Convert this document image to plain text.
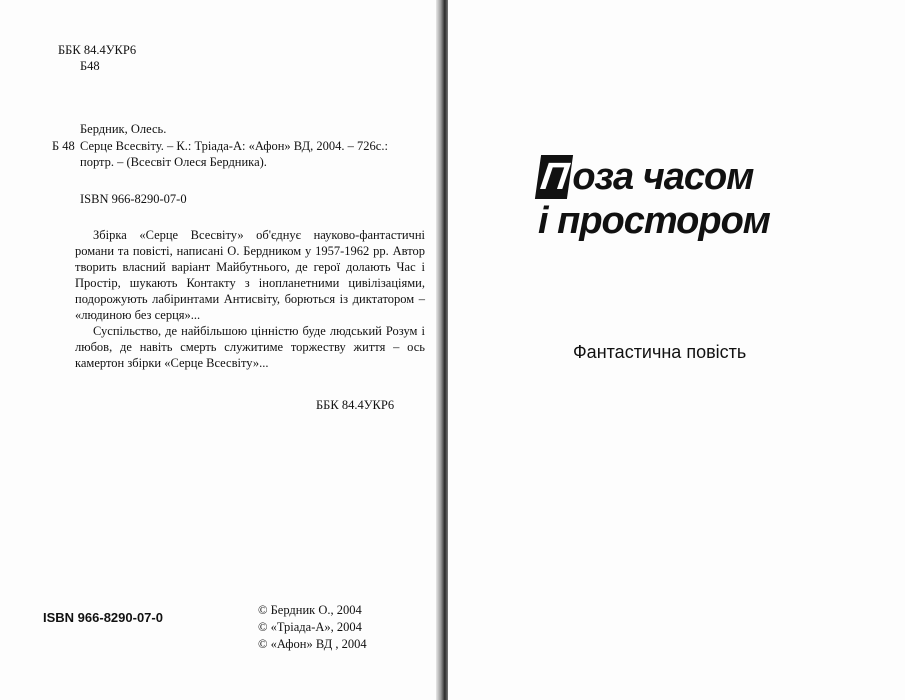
ББК 84.4УКР6
Б48
Бердник, Олесь.
Б 48 Серце Всесвіту. – К.: Тріада-А: «Афон» ВД, 2004. – 726с.:
портр. – (Всесвіт Олеся Бердника).
ISBN 966-8290-07-0

Збірка «Серце Всесвіту» об'єднує науково-фантастичні романи та повісті, написані О. Бердником у 1957-1962 рр. Автор творить власний варіант Майбутнього, де герої долають Час і Простір, шукають Контакту з інопланетними цивілізаціями, подорожують лабіринтами Антисвіту, борються із диктатором – «людиною без серця»...

Суспільство, де найбільшою цінністю буде людський Розум і любов, де навіть смерть служитиме торжеству життя – ось камертон збірки «Серце Всесвіту»...

ББК 84.4УКР6
ISBN 966-8290-07-0	© Бердник О., 2004
© «Тріада-А», 2004
© «Афон» ВД , 2004
Поза часом
і простором
Фантастична повість
